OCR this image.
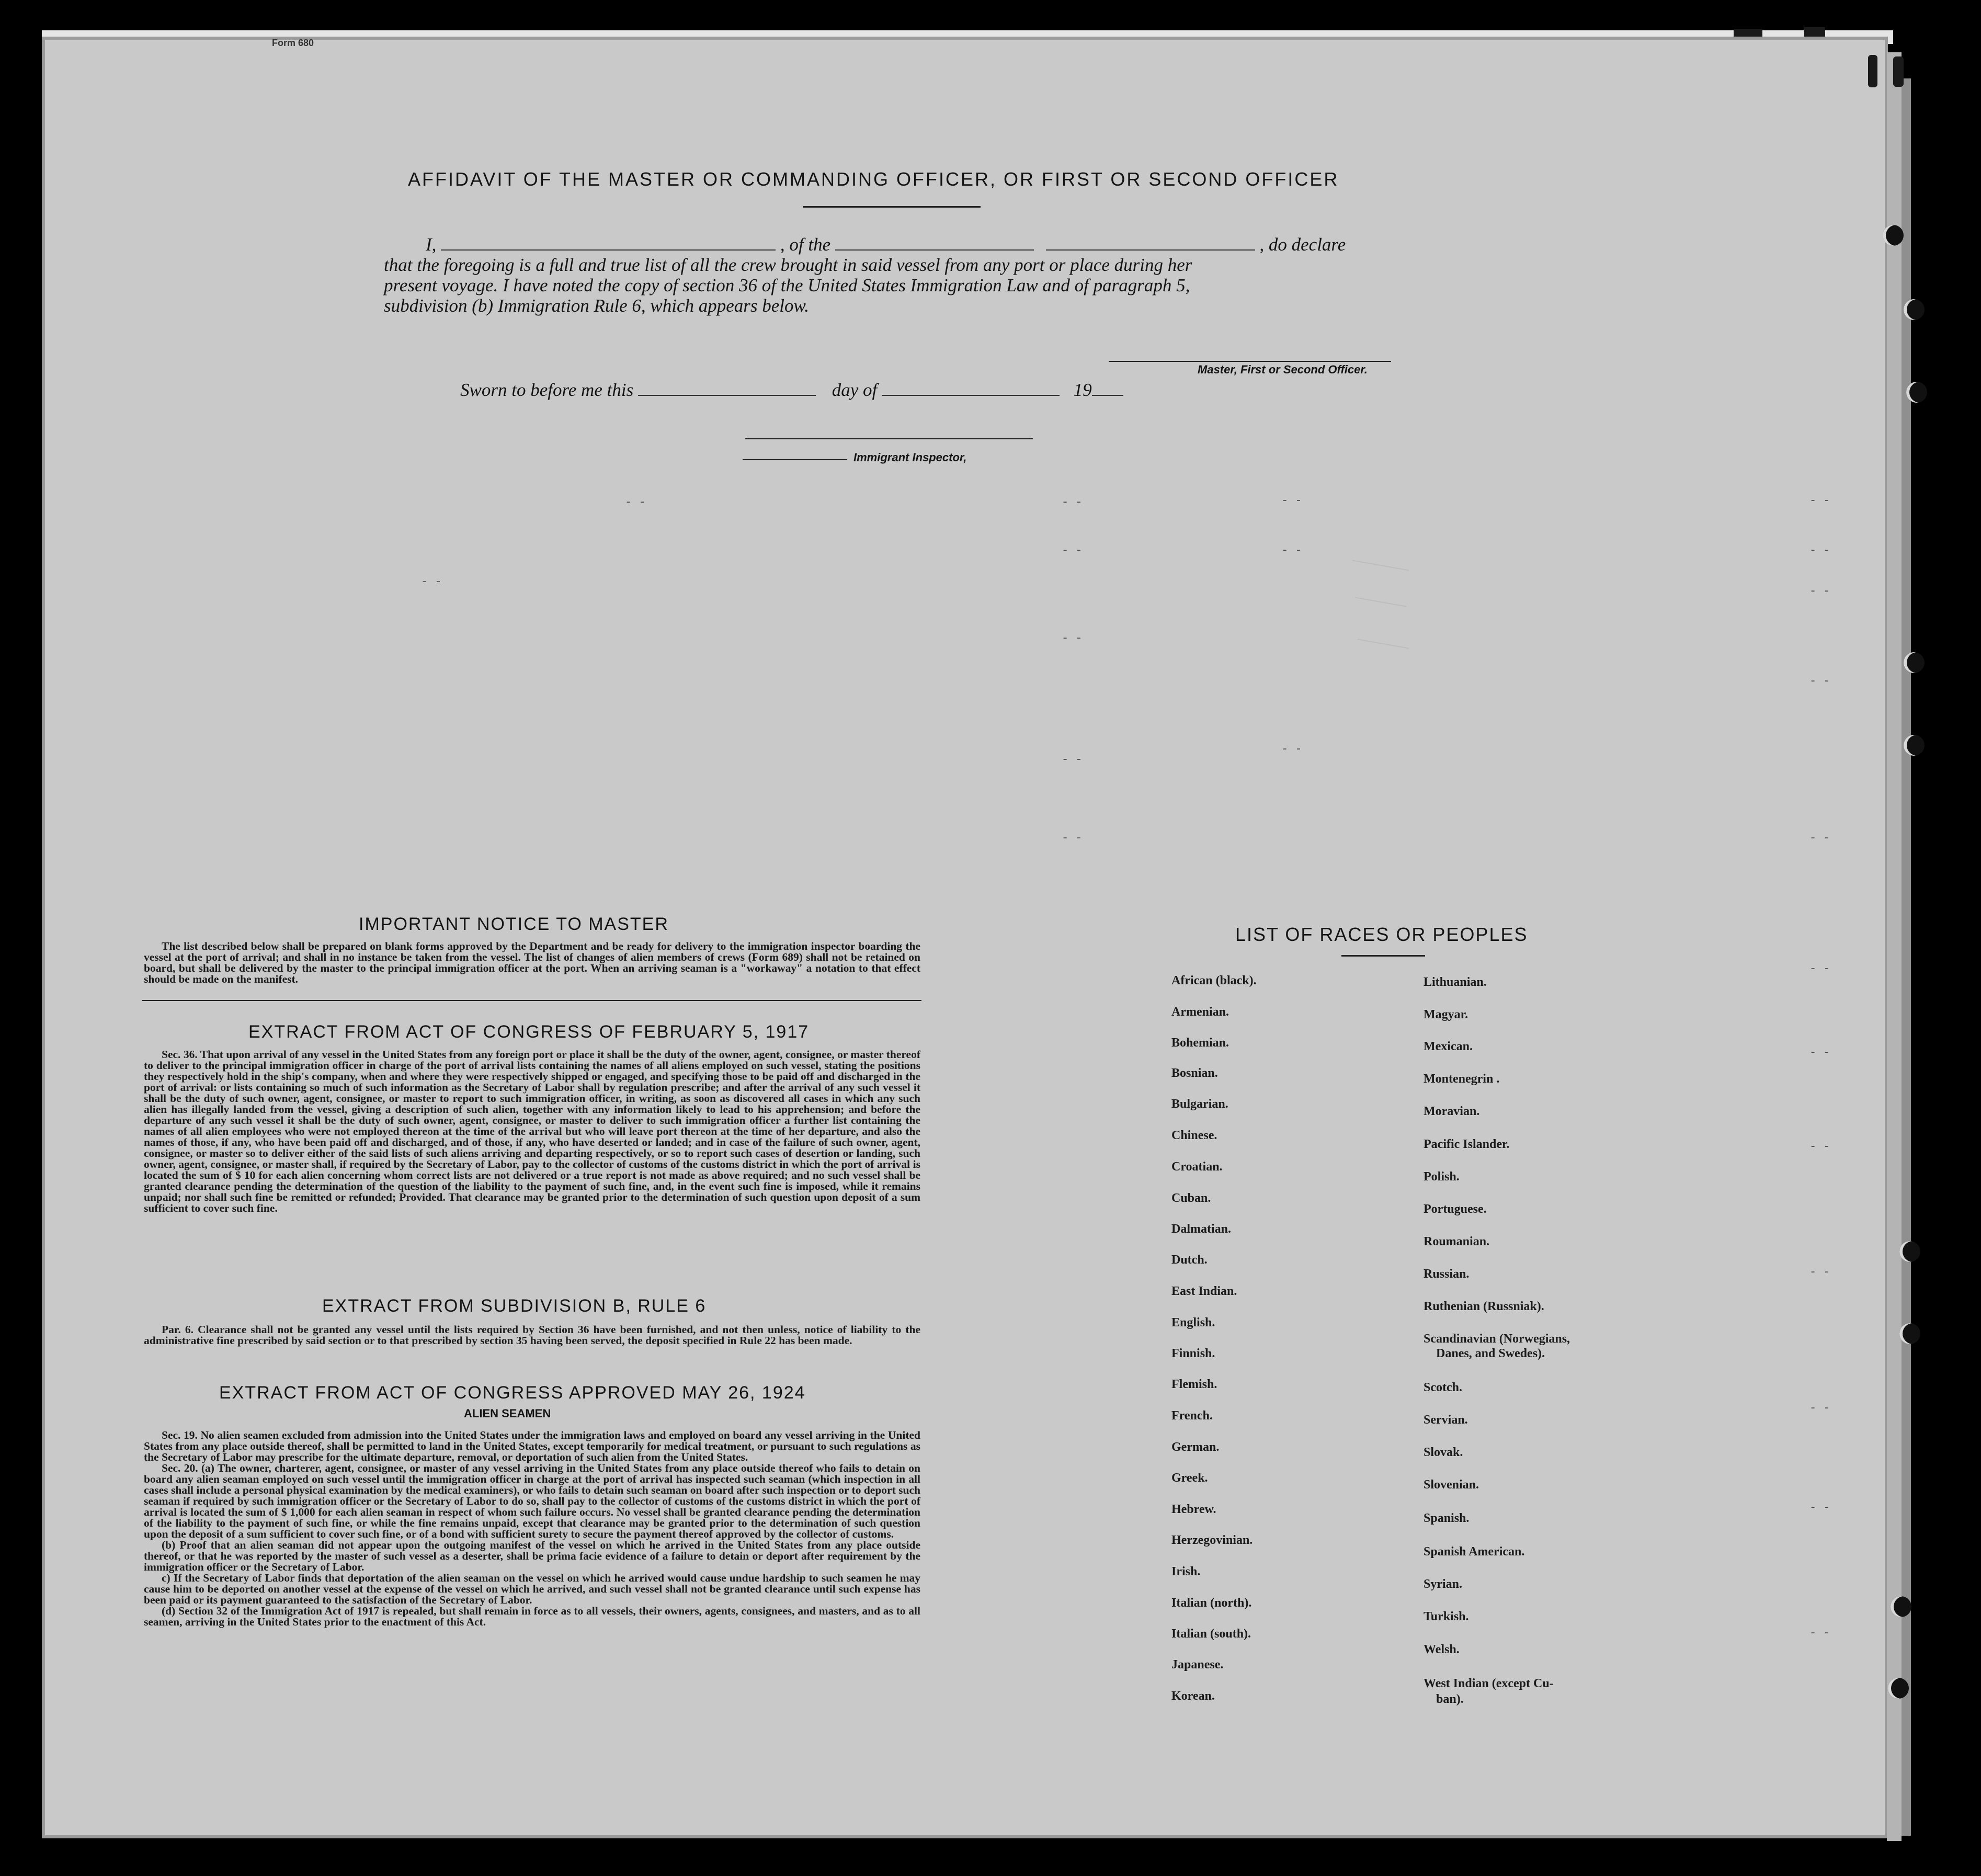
Form 680
AFFIDAVIT OF THE MASTER OR COMMANDING OFFICER, OR FIRST OR SECOND OFFICER
I,	, of the	, do declare
that the foregoing is a full and true list of all the crew brought in said vessel from any port or place during her
present voyage. I have noted the copy of section 36 of the United States Immigration Law and of paragraph 5,
subdivision (b) Immigration Rule 6, which appears below.
Master, First or Second Officer.
Sworn to before me this	day of	19
Immigrant Inspector,
- -	- -	- -	- -
- -
- -	- -	- -
- -
- -
- -
- -
- -
- -	- -
- -
- -
- -
- -
- -
- -
- -
IMPORTANT NOTICE TO MASTER

The list described below shall be prepared on blank forms approved by the Department and be ready for delivery to the immigration inspector boarding the vessel at the port of arrival; and shall in no instance be taken from the vessel. The list of changes of alien members of crews (Form 689) shall not be retained on board, but shall be delivered by the master to the principal immigration officer at the port. When an arriving seaman is a "workaway" a notation to that effect should be made on the manifest.

EXTRACT FROM ACT OF CONGRESS OF FEBRUARY 5, 1917

Sec. 36. That upon arrival of any vessel in the United States from any foreign port or place it shall be the duty of the owner, agent, consignee, or master thereof to deliver to the principal immigration officer in charge of the port of arrival lists containing the names of all aliens employed on such vessel, stating the positions they respectively hold in the ship's company, when and where they were respectively shipped or engaged, and specifying those to be paid off and discharged in the port of arrival: or lists containing so much of such information as the Secretary of Labor shall by regulation prescribe; and after the arrival of any such vessel it shall be the duty of such owner, agent, consignee, or master to report to such immigration officer, in writing, as soon as discovered all cases in which any such alien has illegally landed from the vessel, giving a description of such alien, together with any information likely to lead to his apprehension; and before the departure of any such vessel it shall be the duty of such owner, agent, consignee, or master to deliver to such immigration officer a further list containing the names of all alien employees who were not employed thereon at the time of the arrival but who will leave port thereon at the time of her departure, and also the names of those, if any, who have been paid off and discharged, and of those, if any, who have deserted or landed; and in case of the failure of such owner, agent, consignee, or master so to deliver either of the said lists of such aliens arriving and departing respectively, or so to report such cases of desertion or landing, such owner, agent, consignee, or master shall, if required by the Secretary of Labor, pay to the collector of customs of the customs district in which the port of arrival is located the sum of $ 10 for each alien concerning whom correct lists are not delivered or a true report is not made as above required; and no such vessel shall be granted clearance pending the determination of the question of the liability to the payment of such fine, and, in the event such fine is imposed, while it remains unpaid; nor shall such fine be remitted or refunded; Provided. That clearance may be granted prior to the determination of such question upon deposit of a sum sufficient to cover such fine.

EXTRACT FROM SUBDIVISION B, RULE 6

Par. 6. Clearance shall not be granted any vessel until the lists required by Section 36 have been furnished, and not then unless, notice of liability to the administrative fine prescribed by said section or to that prescribed by section 35 having been served, the deposit specified in Rule 22 has been made.

EXTRACT FROM ACT OF CONGRESS APPROVED MAY 26, 1924
ALIEN SEAMEN

Sec. 19. No alien seamen excluded from admission into the United States under the immigration laws and employed on board any vessel arriving in the United States from any place outside thereof, shall be permitted to land in the United States, except temporarily for medical treatment, or pursuant to such regulations as the Secretary of Labor may prescribe for the ultimate departure, removal, or deportation of such alien from the United States.

Sec. 20. (a) The owner, charterer, agent, consignee, or master of any vessel arriving in the United States from any place outside thereof who fails to detain on board any alien seaman employed on such vessel until the immigration officer in charge at the port of arrival has inspected such seaman (which inspection in all cases shall include a personal physical examination by the medical examiners), or who fails to detain such seaman on board after such inspection or to deport such seaman if required by such immigration officer or the Secretary of Labor to do so, shall pay to the collector of customs of the customs district in which the port of arrival is located the sum of $ 1,000 for each alien seaman in respect of whom such failure occurs. No vessel shall be granted clearance pending the determination of the liability to the payment of such fine, or while the fine remains unpaid, except that clearance may be granted prior to the determination of such question upon the deposit of a sum sufficient to cover such fine, or of a bond with sufficient surety to secure the payment thereof approved by the collector of customs.

(b) Proof that an alien seaman did not appear upon the outgoing manifest of the vessel on which he arrived in the United States from any place outside thereof, or that he was reported by the master of such vessel as a deserter, shall be prima facie evidence of a failure to detain or deport after requirement by the immigration officer or the Secretary of Labor.

c) If the Secretary of Labor finds that deportation of the alien seaman on the vessel on which he arrived would cause undue hardship to such seamen he may cause him to be deported on another vessel at the expense of the vessel on which he arrived, and such vessel shall not be granted clearance until such expense has been paid or its payment guaranteed to the satisfaction of the Secretary of Labor.

(d) Section 32 of the Immigration Act of 1917 is repealed, but shall remain in force as to all vessels, their owners, agents, consignees, and masters, and as to all seamen, arriving in the United States prior to the enactment of this Act.

LIST OF RACES OR PEOPLES
African (black).
Armenian.
Bohemian.
Bosnian.
Bulgarian.
Chinese.
Croatian.
Cuban.
Dalmatian.
Dutch.
East Indian.
English.
Finnish.
Flemish.
French.
German.
Greek.
Hebrew.
Herzegovinian.
Irish.
Italian (north).
Italian (south).
Japanese.
Korean.
Lithuanian.
Magyar.
Mexican.
Montenegrin .
Moravian.
Pacific Islander.
Polish.
Portuguese.
Roumanian.
Russian.
Ruthenian (Russniak).
Scandinavian (Norwegians,
Danes, and Swedes).
Scotch.
Servian.
Slovak.
Slovenian.
Spanish.
Spanish American.
Syrian.
Turkish.
Welsh.
West Indian (except Cu-
ban).
